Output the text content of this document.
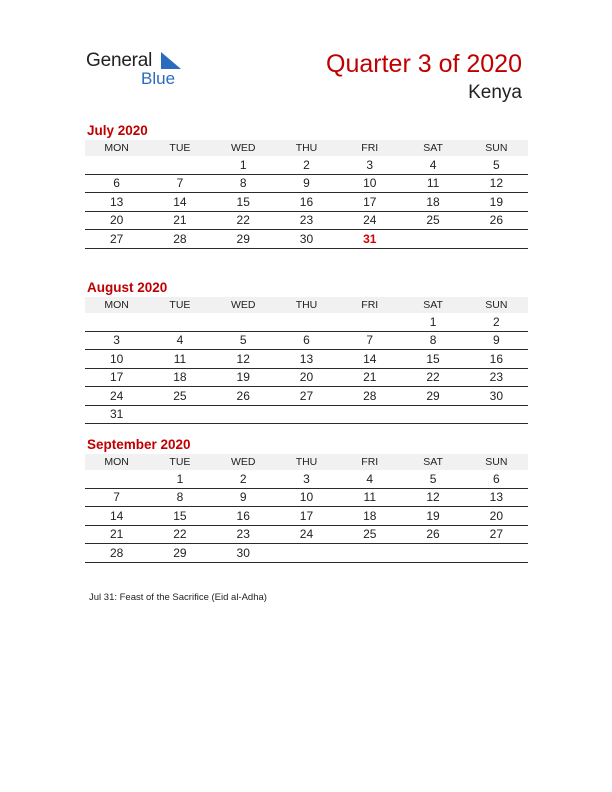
General
Blue
Quarter 3 of 2020
Kenya
July 2020
MON	TUE	WED	THU	FRI	SAT	SUN
		1	2	3	4	5
6	7	8	9	10	11	12
13	14	15	16	17	18	19
20	21	22	23	24	25	26
27	28	29	30	31		
August 2020
MON	TUE	WED	THU	FRI	SAT	SUN
					1	2
3	4	5	6	7	8	9
10	11	12	13	14	15	16
17	18	19	20	21	22	23
24	25	26	27	28	29	30
31						
September 2020
MON	TUE	WED	THU	FRI	SAT	SUN
	1	2	3	4	5	6
7	8	9	10	11	12	13
14	15	16	17	18	19	20
21	22	23	24	25	26	27
28	29	30				
Jul 31: Feast of the Sacrifice (Eid al-Adha)
